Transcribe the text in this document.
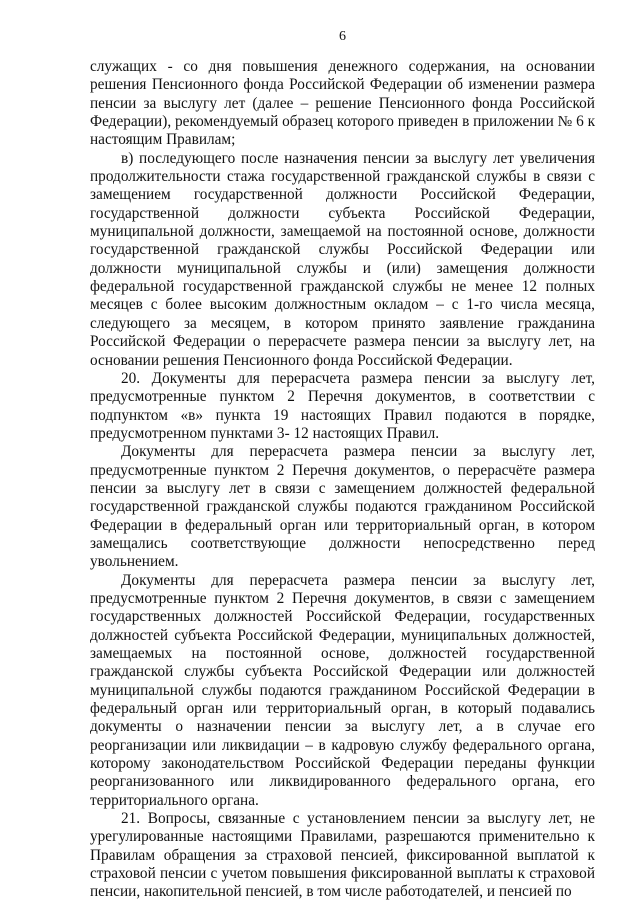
6

служащих - со дня повышения денежного содержания, на основании решения Пенсионного фонда Российской Федерации об изменении размера пенсии за выслугу лет (далее – решение Пенсионного фонда Российской Федерации), рекомендуемый образец которого приведен в приложении № 6 к настоящим Правилам;

в) последующего после назначения пенсии за выслугу лет увеличения продолжительности стажа государственной гражданской службы в связи с замещением государственной должности Российской Федерации, государственной должности субъекта Российской Федерации, муниципальной должности, замещаемой на постоянной основе, должности государственной гражданской службы Российской Федерации или должности муниципальной службы и (или) замещения должности федеральной государственной гражданской службы не менее 12 полных месяцев с более высоким должностным окладом – с 1-го числа месяца, следующего за месяцем, в котором принято заявление гражданина Российской Федерации о перерасчете размера пенсии за выслугу лет, на основании решения Пенсионного фонда Российской Федерации.

20. Документы для перерасчета размера пенсии за выслугу лет, предусмотренные пунктом 2 Перечня документов, в соответствии с подпунктом «в» пункта 19 настоящих Правил подаются в порядке, предусмотренном пунктами 3- 12 настоящих Правил.

Документы для перерасчета размера пенсии за выслугу лет, предусмотренные пунктом 2 Перечня документов, о перерасчёте размера пенсии за выслугу лет в связи с замещением должностей федеральной государственной гражданской службы подаются гражданином Российской Федерации в федеральный орган или территориальный орган, в котором замещались соответствующие должности непосредственно перед увольнением.

Документы для перерасчета размера пенсии за выслугу лет, предусмотренные пунктом 2 Перечня документов, в связи с замещением государственных должностей Российской Федерации, государственных должностей субъекта Российской Федерации, муниципальных должностей, замещаемых на постоянной основе, должностей государственной гражданской службы субъекта Российской Федерации или должностей муниципальной службы подаются гражданином Российской Федерации в федеральный орган или территориальный орган, в который подавались документы о назначении пенсии за выслугу лет, а в случае его реорганизации или ликвидации – в кадровую службу федерального органа, которому законодательством Российской Федерации переданы функции реорганизованного или ликвидированного федерального органа, его территориального органа.

21. Вопросы, связанные с установлением пенсии за выслугу лет, не урегулированные настоящими Правилами, разрешаются применительно к Правилам обращения за страховой пенсией, фиксированной выплатой к страховой пенсии с учетом повышения фиксированной выплаты к страховой пенсии, накопительной пенсией, в том числе работодателей, и пенсией по
